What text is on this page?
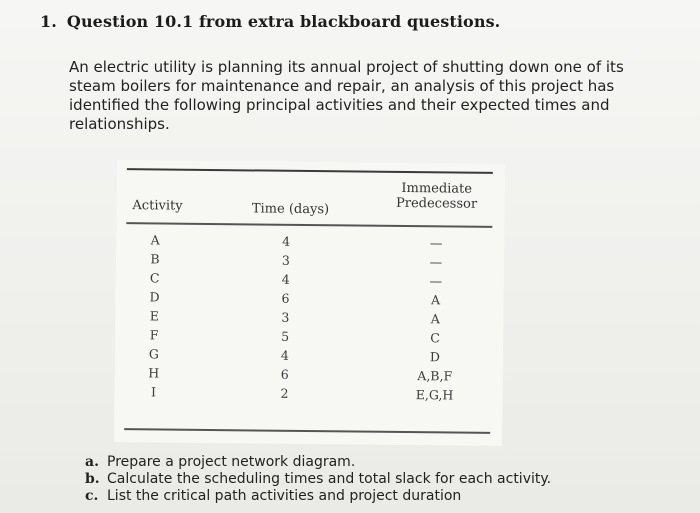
1. Question 10.1 from extra blackboard questions.
An electric utility is planning its annual project of shutting down one of its
steam boilers for maintenance and repair, an analysis of this project has
identified the following principal activities and their expected times and
relationships.
Activity	Time (days)
Immediate
Predecessor
A
B
C
D
E
F
G
H
I
4
3
4
6
3
5
4
6
2
—
—
—
A
A
C
D
A,B,F
E,G,H
a. Prepare a project network diagram.
b. Calculate the scheduling times and total slack for each activity.
c. List the critical path activities and project duration
